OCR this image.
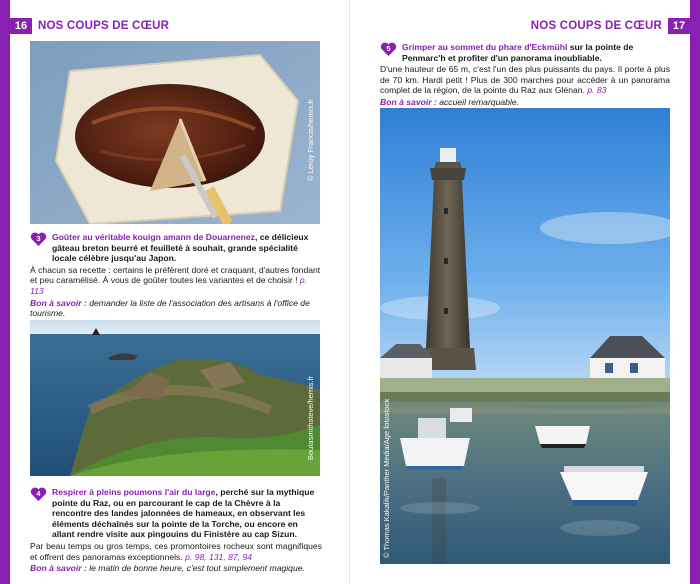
16 NOS COUPS DE CŒUR	NOS COUPS DE CŒUR 17
© Leroy Francis/hemis.fr
3	Goûter au véritable kouign amann de Douarnenez, ce délicieux gâteau breton beurré et feuilleté à souhait, grande spécialité locale célèbre jusqu'au Japon.
À chacun sa recette : certains le préfèrent doré et craquant, d'autres fondant et peu caramélisé. À vous de goûter toutes les variantes et de choisir ! p. 113
Bon à savoir : demander la liste de l'association des artisans à l'office de tourisme.
Boutasmithsteve/hemis.fr
4	Respirer à pleins poumons l'air du large, perché sur la mythique pointe du Raz, ou en parcourant le cap de la Chèvre à la rencontre des landes jalonnées de hameaux, en observant les éléments déchaînés sur la pointe de la Torche, ou encore en allant rendre visite aux pingouins du Finistère au cap Sizun.
Par beau temps ou gros temps, ces promontoires rocheux sont magnifiques et offrent des panoramas exceptionnels. p. 98, 131, 87, 94
Bon à savoir : le matin de bonne heure, c'est tout simplement magique.
5	Grimper au sommet du phare d'Eckmühl sur la pointe de Penmarc'h et profiter d'un panorama inoubliable.
D'une hauteur de 65 m, c'est l'un des plus puissants du pays. Il porte à plus de 70 km. Hardi petit ! Plus de 300 marches pour accéder à un panorama complet de la région, de la pointe du Raz aux Glénan. p. 83
Bon à savoir : accueil remarquable.
© Thomas Kakalik/Panther Media/Age fotostock
